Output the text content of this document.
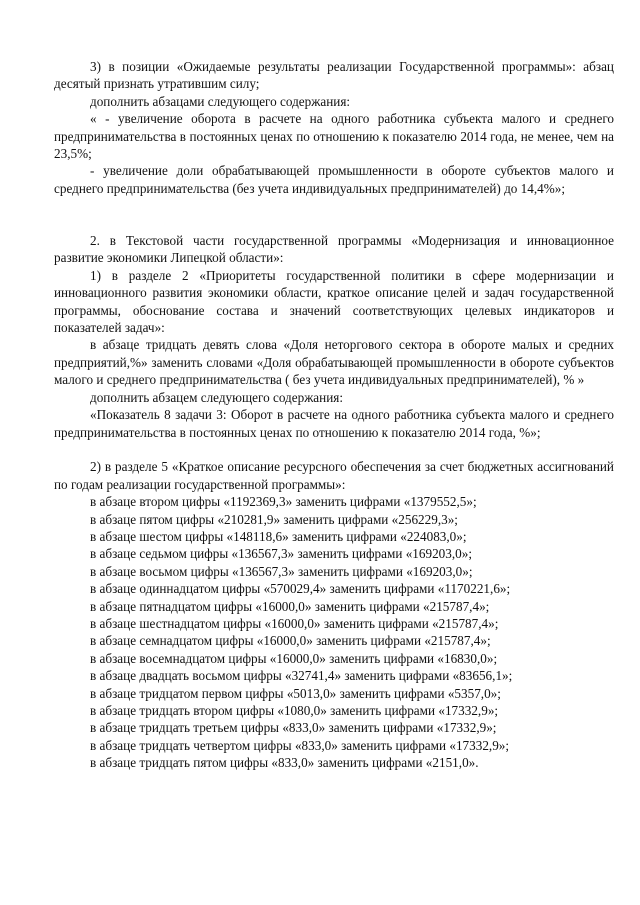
3) в позиции «Ожидаемые результаты реализации Государственной программы»: абзац десятый признать утратившим силу;

дополнить абзацами следующего содержания:

« - увеличение оборота в расчете на одного работника субъекта малого и среднего предпринимательства в постоянных ценах по отношению к показателю 2014 года, не менее, чем на 23,5%;

- увеличение доли обрабатывающей промышленности в обороте субъектов малого и среднего предпринимательства (без учета индивидуальных предпринимателей) до 14,4%»;

2. в Текстовой части государственной программы «Модернизация и инновационное развитие экономики Липецкой области»:

1) в разделе 2 «Приоритеты государственной политики в сфере модернизации и инновационного развития экономики области, краткое описание целей и задач государственной программы, обоснование состава и значений соответствующих целевых индикаторов и показателей задач»:

в абзаце тридцать девять слова «Доля неторгового сектора в обороте малых и средних предприятий,%» заменить словами «Доля обрабатывающей промышленности в обороте субъектов малого и среднего предпринимательства ( без учета индивидуальных предпринимателей), % »

дополнить абзацем следующего содержания:

«Показатель 8 задачи 3: Оборот в расчете на одного работника субъекта малого и среднего предпринимательства в постоянных ценах по отношению к показателю 2014 года, %»;

2) в разделе 5 «Краткое описание ресурсного обеспечения за счет бюджетных ассигнований по годам реализации государственной программы»:

в абзаце втором цифры «1192369,3» заменить цифрами «1379552,5»;

в абзаце пятом цифры «210281,9» заменить цифрами «256229,3»;

в абзаце шестом цифры «148118,6» заменить цифрами «224083,0»;

в абзаце седьмом цифры «136567,3» заменить цифрами «169203,0»;

в абзаце восьмом цифры «136567,3» заменить цифрами «169203,0»;

в абзаце одиннадцатом цифры «570029,4» заменить цифрами «1170221,6»;

в абзаце пятнадцатом цифры «16000,0» заменить цифрами «215787,4»;

в абзаце шестнадцатом цифры «16000,0» заменить цифрами «215787,4»;

в абзаце семнадцатом цифры «16000,0» заменить цифрами «215787,4»;

в абзаце восемнадцатом цифры «16000,0» заменить цифрами «16830,0»;

в абзаце двадцать восьмом цифры «32741,4» заменить цифрами «83656,1»;

в абзаце тридцатом первом цифры «5013,0» заменить цифрами «5357,0»;

в абзаце тридцать втором цифры «1080,0» заменить цифрами «17332,9»;

в абзаце тридцать третьем цифры «833,0» заменить цифрами «17332,9»;

в абзаце тридцать четвертом цифры «833,0» заменить цифрами «17332,9»;

в абзаце тридцать пятом цифры «833,0» заменить цифрами «2151,0».
